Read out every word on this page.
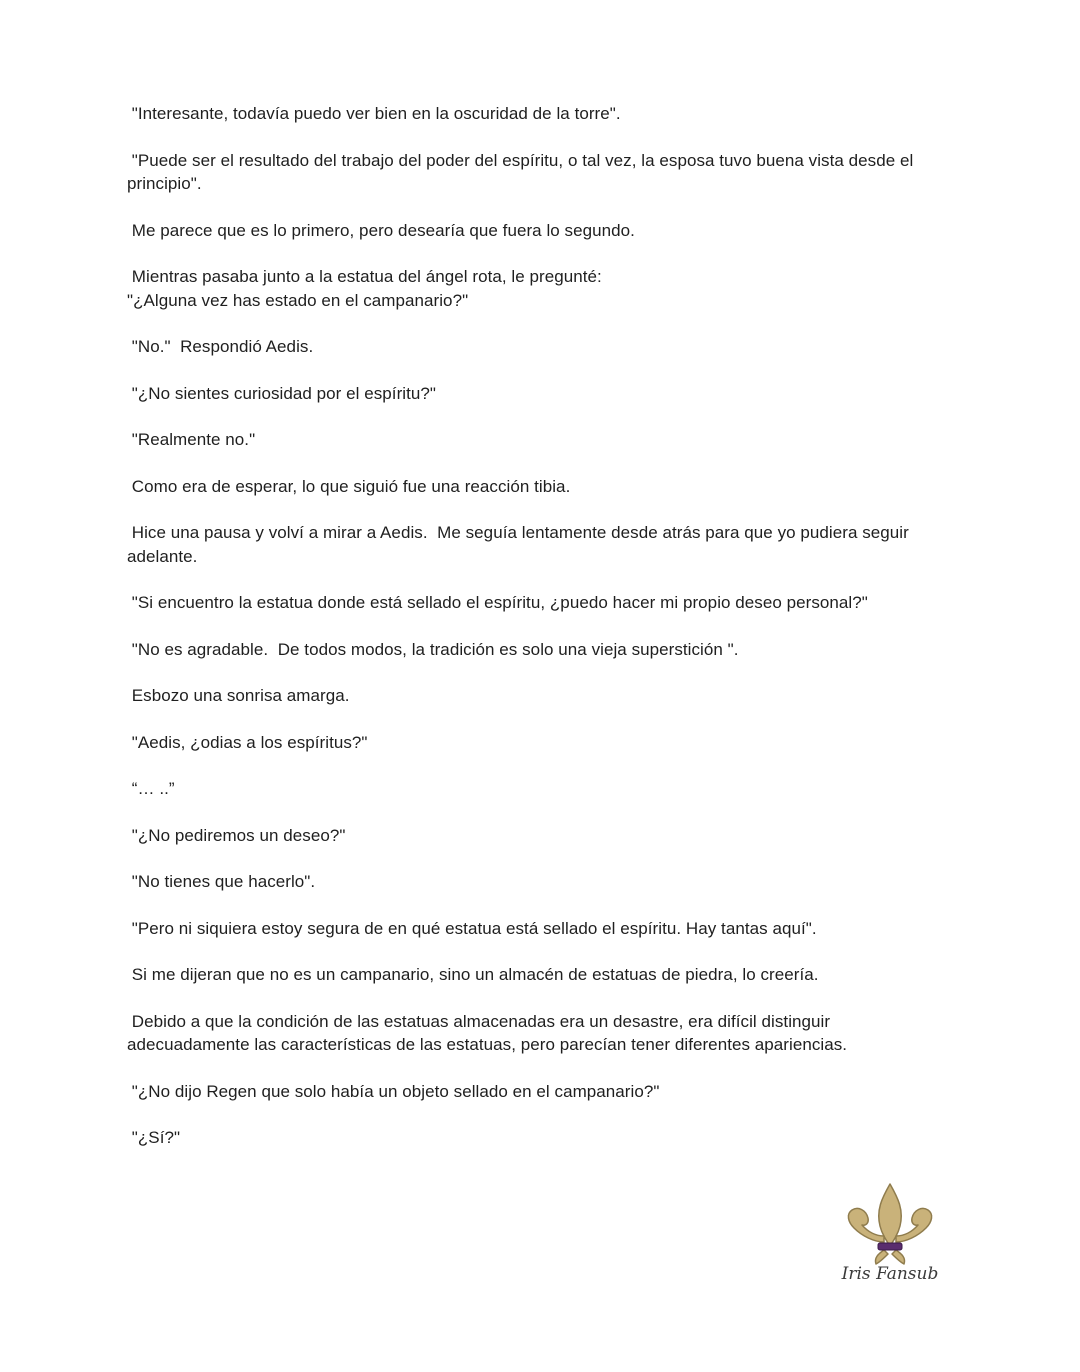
"Interesante, todavía puedo ver bien en la oscuridad de la torre".

"Puede ser el resultado del trabajo del poder del espíritu, o tal vez, la esposa tuvo buena vista desde el
principio".

Me parece que es lo primero, pero desearía que fuera lo segundo.

Mientras pasaba junto a la estatua del ángel rota, le pregunté:
"¿Alguna vez has estado en el campanario?"

"No."  Respondió Aedis.

"¿No sientes curiosidad por el espíritu?"

"Realmente no."

Como era de esperar, lo que siguió fue una reacción tibia.

Hice una pausa y volví a mirar a Aedis.  Me seguía lentamente desde atrás para que yo pudiera seguir
adelante.

"Si encuentro la estatua donde está sellado el espíritu, ¿puedo hacer mi propio deseo personal?"

"No es agradable.  De todos modos, la tradición es solo una vieja superstición ".

Esbozo una sonrisa amarga.

"Aedis, ¿odias a los espíritus?"

“… ..”

"¿No pediremos un deseo?"

"No tienes que hacerlo".

"Pero ni siquiera estoy segura de en qué estatua está sellado el espíritu. Hay tantas aquí".

Si me dijeran que no es un campanario, sino un almacén de estatuas de piedra, lo creería.

Debido a que la condición de las estatuas almacenadas era un desastre, era difícil distinguir
adecuadamente las características de las estatuas, pero parecían tener diferentes apariencias.

"¿No dijo Regen que solo había un objeto sellado en el campanario?"

"¿Sí?"

Iris Fansub
